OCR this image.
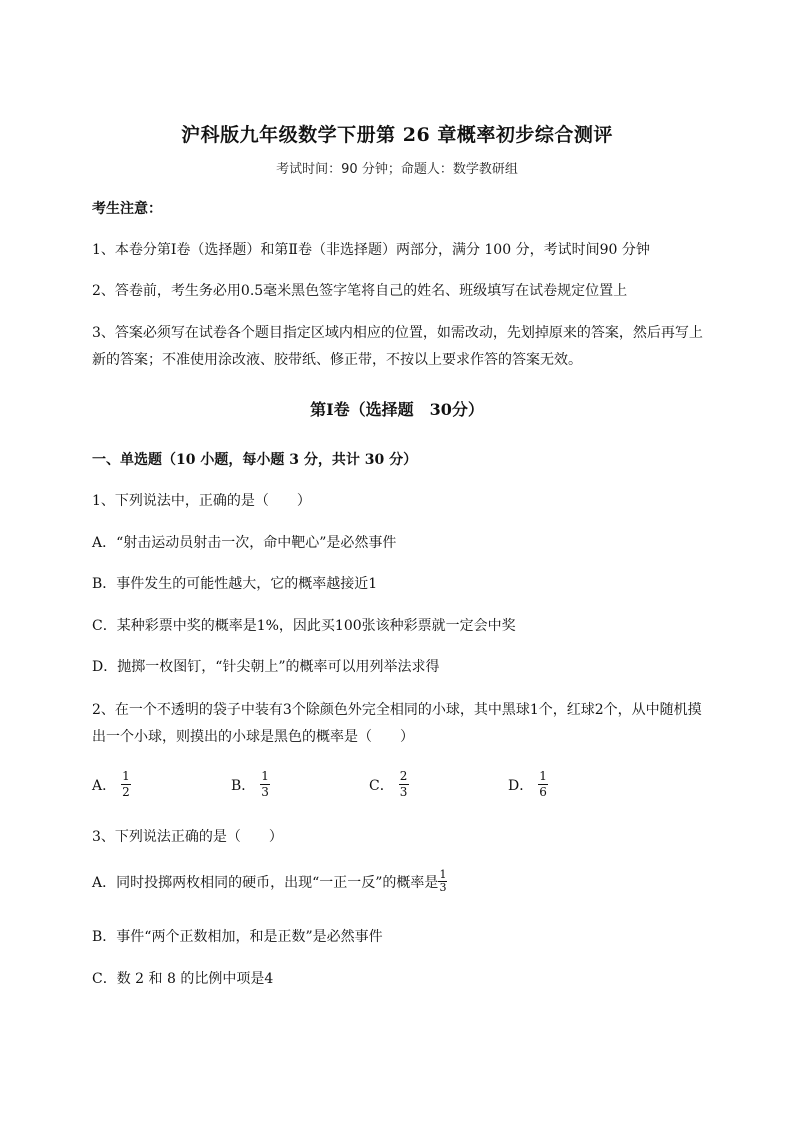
沪科版九年级数学下册第 26 章概率初步综合测评
考试时间：90 分钟；命题人：数学教研组
考生注意：
1、本卷分第Ⅰ卷（选择题）和第Ⅱ卷（非选择题）两部分，满分 100 分，考试时间90 分钟
2、答卷前，考生务必用0.5毫米黑色签字笔将自己的姓名、班级填写在试卷规定位置上
3、答案必须写在试卷各个题目指定区域内相应的位置，如需改动，先划掉原来的答案，然后再写上新的答案；不准使用涂改液、胶带纸、修正带，不按以上要求作答的答案无效。
第Ⅰ卷（选择题　30分）
一、单选题（10 小题，每小题 3 分，共计 30 分）
1、下列说法中，正确的是（　　）
A．“射击运动员射击一次，命中靶心”是必然事件
B．事件发生的可能性越大，它的概率越接近1
C．某种彩票中奖的概率是1%，因此买100张该种彩票就一定会中奖
D．抛掷一枚图钉，“针尖朝上”的概率可以用列举法求得
2、在一个不透明的袋子中装有3个除颜色外完全相同的小球，其中黑球1个，红球2个，从中随机摸出一个小球，则摸出的小球是黑色的概率是（　　）
A． $\frac{1}{2}$	B． $\frac{1}{3}$	C． $\frac{2}{3}$	D． $\frac{1}{6}$
3、下列说法正确的是（　　）
A．同时投掷两枚相同的硬币，出现“一正一反”的概率是 $\frac{1}{3}$
B．事件“两个正数相加，和是正数”是必然事件
C．数 2 和 8 的比例中项是4
